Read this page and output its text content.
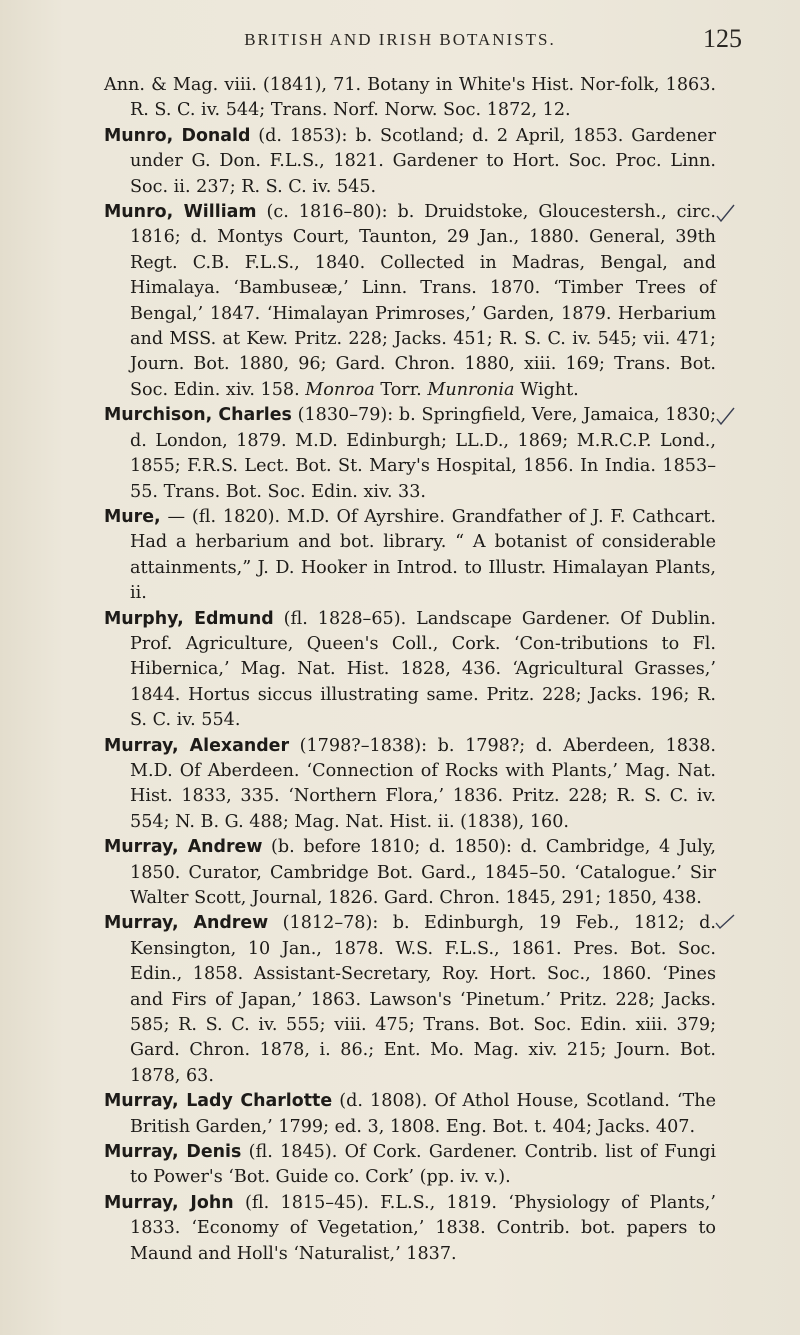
BRITISH AND IRISH BOTANISTS.	125

Ann. & Mag. viii. (1841), 71. Botany in White's Hist. Nor-folk, 1863. R. S. C. iv. 544; Trans. Norf. Norw. Soc. 1872, 12.

Munro, Donald (d. 1853): b. Scotland; d. 2 April, 1853. Gardener under G. Don. F.L.S., 1821. Gardener to Hort. Soc. Proc. Linn. Soc. ii. 237; R. S. C. iv. 545.

Munro, William (c. 1816–80): b. Druidstoke, Gloucestersh., circ. 1816; d. Montys Court, Taunton, 29 Jan., 1880. General, 39th Regt. C.B. F.L.S., 1840. Collected in Madras, Bengal, and Himalaya. ‘Bambuseæ,’ Linn. Trans. 1870. ‘Timber Trees of Bengal,’ 1847. ‘Himalayan Primroses,’ Garden, 1879. Herbarium and MSS. at Kew. Pritz. 228; Jacks. 451; R. S. C. iv. 545; vii. 471; Journ. Bot. 1880, 96; Gard. Chron. 1880, xiii. 169; Trans. Bot. Soc. Edin. xiv. 158. Monroa Torr. Munronia Wight.

Murchison, Charles (1830–79): b. Springfield, Vere, Jamaica, 1830; d. London, 1879. M.D. Edinburgh; LL.D., 1869; M.R.C.P. Lond., 1855; F.R.S. Lect. Bot. St. Mary's Hospital, 1856. In India. 1853–55. Trans. Bot. Soc. Edin. xiv. 33.

Mure, — (fl. 1820). M.D. Of Ayrshire. Grandfather of J. F. Cathcart. Had a herbarium and bot. library. “ A botanist of considerable attainments,” J. D. Hooker in Introd. to Illustr. Himalayan Plants, ii.

Murphy, Edmund (fl. 1828–65). Landscape Gardener. Of Dublin. Prof. Agriculture, Queen's Coll., Cork. ‘Con-tributions to Fl. Hibernica,’ Mag. Nat. Hist. 1828, 436. ‘Agricultural Grasses,’ 1844. Hortus siccus illustrating same. Pritz. 228; Jacks. 196; R. S. C. iv. 554.

Murray, Alexander (1798?–1838): b. 1798?; d. Aberdeen, 1838. M.D. Of Aberdeen. ‘Connection of Rocks with Plants,’ Mag. Nat. Hist. 1833, 335. ‘Northern Flora,’ 1836. Pritz. 228; R. S. C. iv. 554; N. B. G. 488; Mag. Nat. Hist. ii. (1838), 160.

Murray, Andrew (b. before 1810; d. 1850): d. Cambridge, 4 July, 1850. Curator, Cambridge Bot. Gard., 1845–50. ‘Catalogue.’ Sir Walter Scott, Journal, 1826. Gard. Chron. 1845, 291; 1850, 438.

Murray, Andrew (1812–78): b. Edinburgh, 19 Feb., 1812; d. Kensington, 10 Jan., 1878. W.S. F.L.S., 1861. Pres. Bot. Soc. Edin., 1858. Assistant-Secretary, Roy. Hort. Soc., 1860. ‘Pines and Firs of Japan,’ 1863. Lawson's ‘Pinetum.’ Pritz. 228; Jacks. 585; R. S. C. iv. 555; viii. 475; Trans. Bot. Soc. Edin. xiii. 379; Gard. Chron. 1878, i. 86.; Ent. Mo. Mag. xiv. 215; Journ. Bot. 1878, 63.

Murray, Lady Charlotte (d. 1808). Of Athol House, Scotland. ‘The British Garden,’ 1799; ed. 3, 1808. Eng. Bot. t. 404; Jacks. 407.

Murray, Denis (fl. 1845). Of Cork. Gardener. Contrib. list of Fungi to Power's ‘Bot. Guide co. Cork’ (pp. iv. v.).

Murray, John (fl. 1815–45). F.L.S., 1819. ‘Physiology of Plants,’ 1833. ‘Economy of Vegetation,’ 1838. Contrib. bot. papers to Maund and Holl's ‘Naturalist,’ 1837.
